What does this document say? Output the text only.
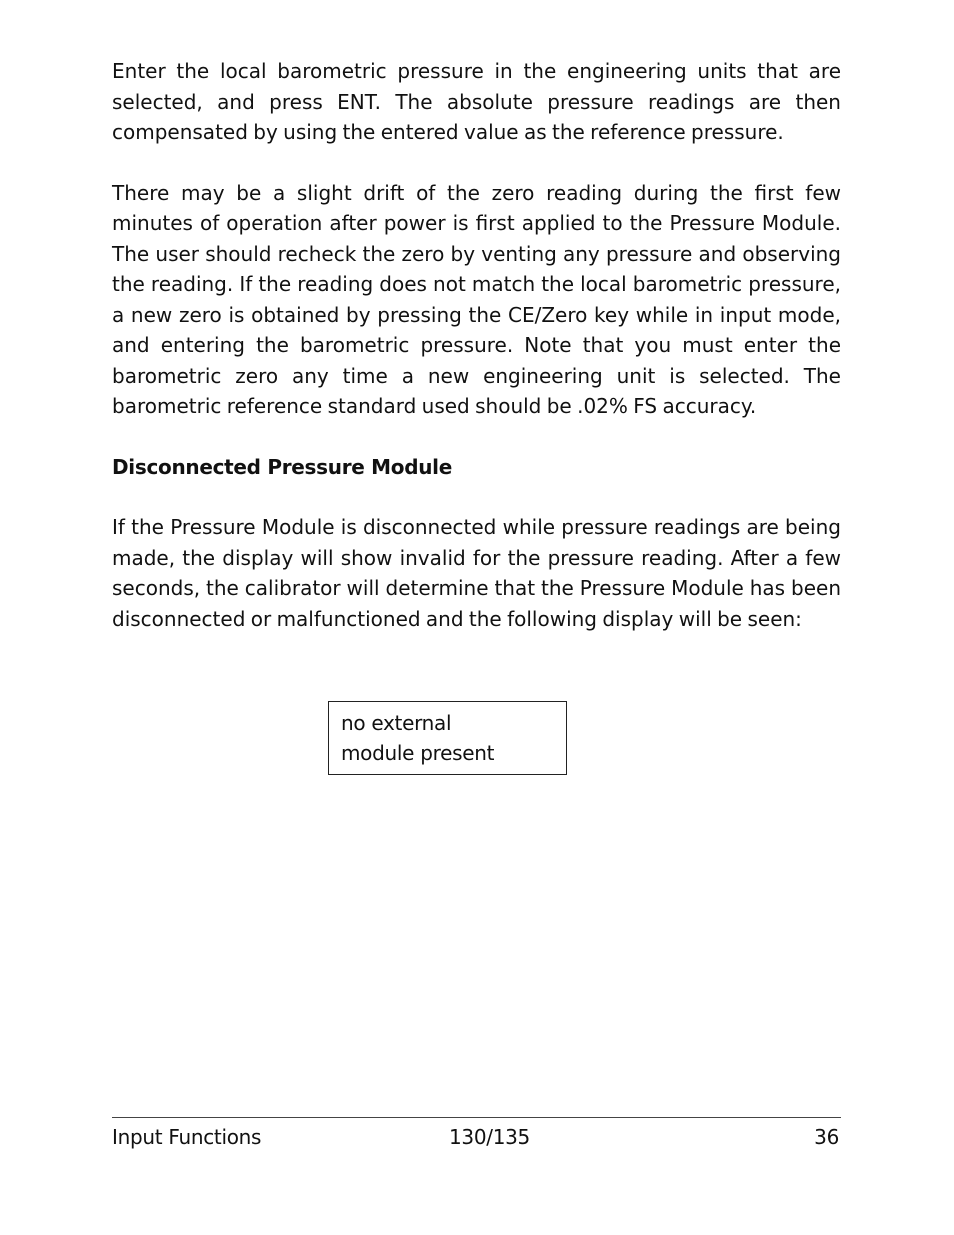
Enter the local barometric pressure in the engineering units that are selected, and press ENT. The absolute pressure readings are then compensated by using the entered value as the reference pressure.

There may be a slight drift of the zero reading during the first few minutes of operation after power is first applied to the Pressure Module. The user should recheck the zero by venting any pressure and observing the reading. If the reading does not match the local barometric pressure, a new zero is obtained by pressing the CE/Zero key while in input mode, and entering the barometric pressure. Note that you must enter the barometric zero any time a new engineering unit is selected. The barometric reference standard used should be .02% FS accuracy.

Disconnected Pressure Module

If the Pressure Module is disconnected while pressure readings are being made, the display will show invalid for the pressure reading. After a few seconds, the calibrator will determine that the Pressure Module has been disconnected or malfunctioned and the following display will be seen:

no external
module present
Input Functions	130/135	36
